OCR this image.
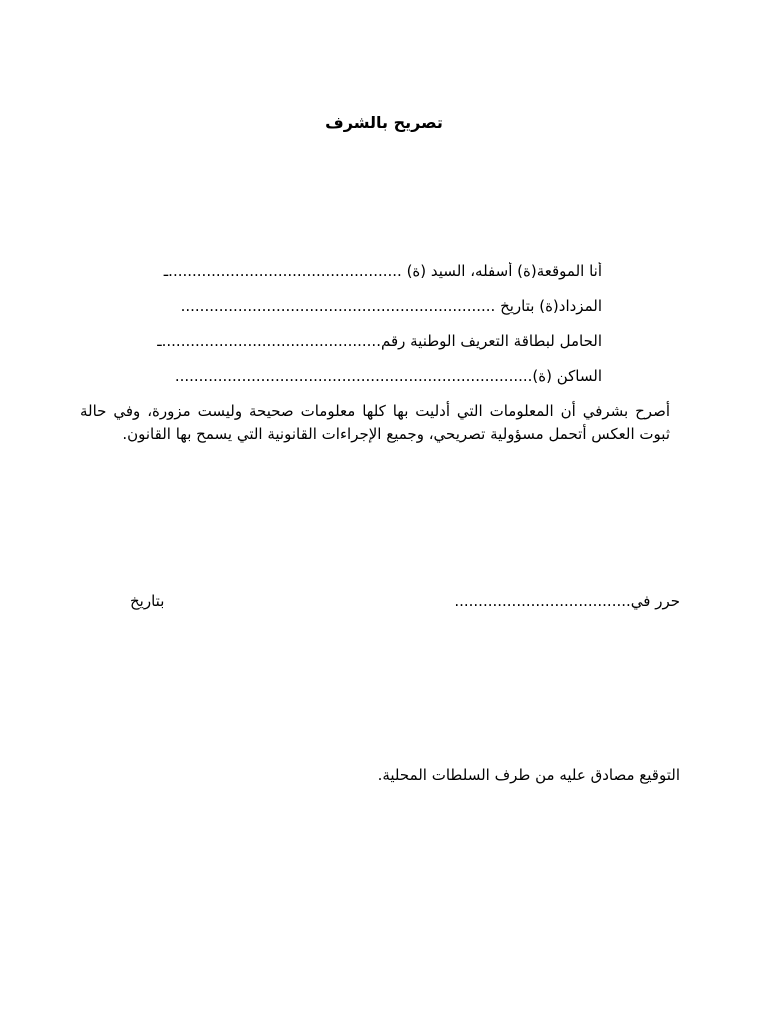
تصريح بالشرف
أنا الموقعة(ة) أسفله، السيد (ة) .................................................ـ
المزداد(ة) بتاريخ ..................................................................
الحامل لبطاقة التعريف الوطنية رقم..............................................ـ
الساكن (ة)...........................................................................
أصرح بشرفي أن المعلومات التي أدليت بها كلها معلومات صحيحة وليست مزورة، وفي حالة ثبوت العكس أتحمل مسؤولية تصريحي، وجميع الإجراءات القانونية التي يسمح بها القانون.
حرر في.....................................
بتاريخ
التوقيع مصادق عليه من طرف السلطات المحلية.
